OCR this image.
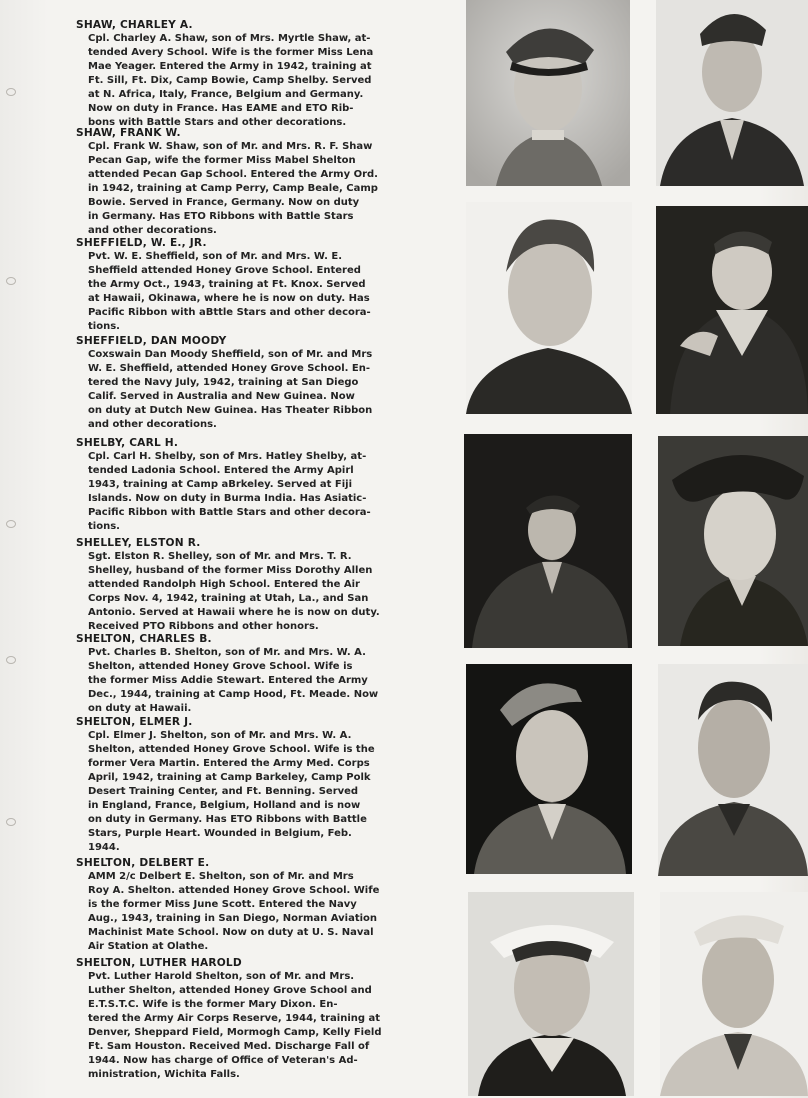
SHAW, CHARLEY A.
Cpl. Charley A. Shaw, son of Mrs. Myrtle Shaw, at-
tended Avery School. Wife is the former Miss Lena
Mae Yeager. Entered the Army in 1942, training at
Ft. Sill, Ft. Dix, Camp Bowie, Camp Shelby. Served
at N. Africa, Italy, France, Belgium and Germany.
Now on duty in France. Has EAME and ETO Rib-
bons with Battle Stars and other decorations.
SHAW, FRANK W.
Cpl. Frank W. Shaw, son of Mr. and Mrs. R. F. Shaw
Pecan Gap, wife the former Miss Mabel Shelton
attended Pecan Gap School. Entered the Army Ord.
in 1942, training at Camp Perry, Camp Beale, Camp
Bowie. Served in France, Germany. Now on duty
in Germany. Has ETO Ribbons with Battle Stars
and other decorations.
SHEFFIELD, W. E., JR.
Pvt. W. E. Sheffield, son of Mr. and Mrs. W. E.
Sheffield attended Honey Grove School. Entered
the Army Oct., 1943, training at Ft. Knox. Served
at Hawaii, Okinawa, where he is now on duty. Has
Pacific Ribbon with aBttle Stars and other decora-
tions.
SHEFFIELD, DAN MOODY
Coxswain Dan Moody Sheffield, son of Mr. and Mrs
W. E. Sheffield, attended Honey Grove School. En-
tered the Navy July, 1942, training at San Diego
Calif. Served in Australia and New Guinea. Now
on duty at Dutch New Guinea. Has Theater Ribbon
and other decorations.
SHELBY, CARL H.
Cpl. Carl H. Shelby, son of Mrs. Hatley Shelby, at-
tended Ladonia School. Entered the Army Apirl
1943, training at Camp aBrkeley. Served at Fiji
Islands. Now on duty in Burma India. Has Asiatic-
Pacific Ribbon with Battle Stars and other decora-
tions.
SHELLEY, ELSTON R.
Sgt. Elston R. Shelley, son of Mr. and Mrs. T. R.
Shelley, husband of the former Miss Dorothy Allen
attended Randolph High School. Entered the Air
Corps Nov. 4, 1942, training at Utah, La., and San
Antonio. Served at Hawaii where he is now on duty.
Received PTO Ribbons and other honors.
SHELTON, CHARLES B.
Pvt. Charles B. Shelton, son of Mr. and Mrs. W. A.
Shelton, attended Honey Grove School. Wife is
the former Miss Addie Stewart. Entered the Army
Dec., 1944, training at Camp Hood, Ft. Meade. Now
on duty at Hawaii.
SHELTON, ELMER J.
Cpl. Elmer J. Shelton, son of Mr. and Mrs. W. A.
Shelton, attended Honey Grove School. Wife is the
former Vera Martin. Entered the Army Med. Corps
April, 1942, training at Camp Barkeley, Camp Polk
Desert Training Center, and Ft. Benning. Served
in England, France, Belgium, Holland and is now
on duty in Germany. Has ETO Ribbons with Battle
Stars, Purple Heart. Wounded in Belgium, Feb.
1944.
SHELTON, DELBERT E.
AMM 2/c Delbert E. Shelton, son of Mr. and Mrs
Roy A. Shelton. attended Honey Grove School. Wife
is the former Miss June Scott. Entered the Navy
Aug., 1943, training in San Diego, Norman Aviation
Machinist Mate School. Now on duty at U. S. Naval
Air Station at Olathe.
SHELTON, LUTHER HAROLD
Pvt. Luther Harold Shelton, son of Mr. and Mrs.
Luther Shelton, attended Honey Grove School and
E.T.S.T.C. Wife is the former Mary Dixon. En-
tered the Army Air Corps Reserve, 1944, training at
Denver, Sheppard Field, Mormogh Camp, Kelly Field
Ft. Sam Houston. Received Med. Discharge Fall of
1944. Now has charge of Office of Veteran's Ad-
ministration, Wichita Falls.
